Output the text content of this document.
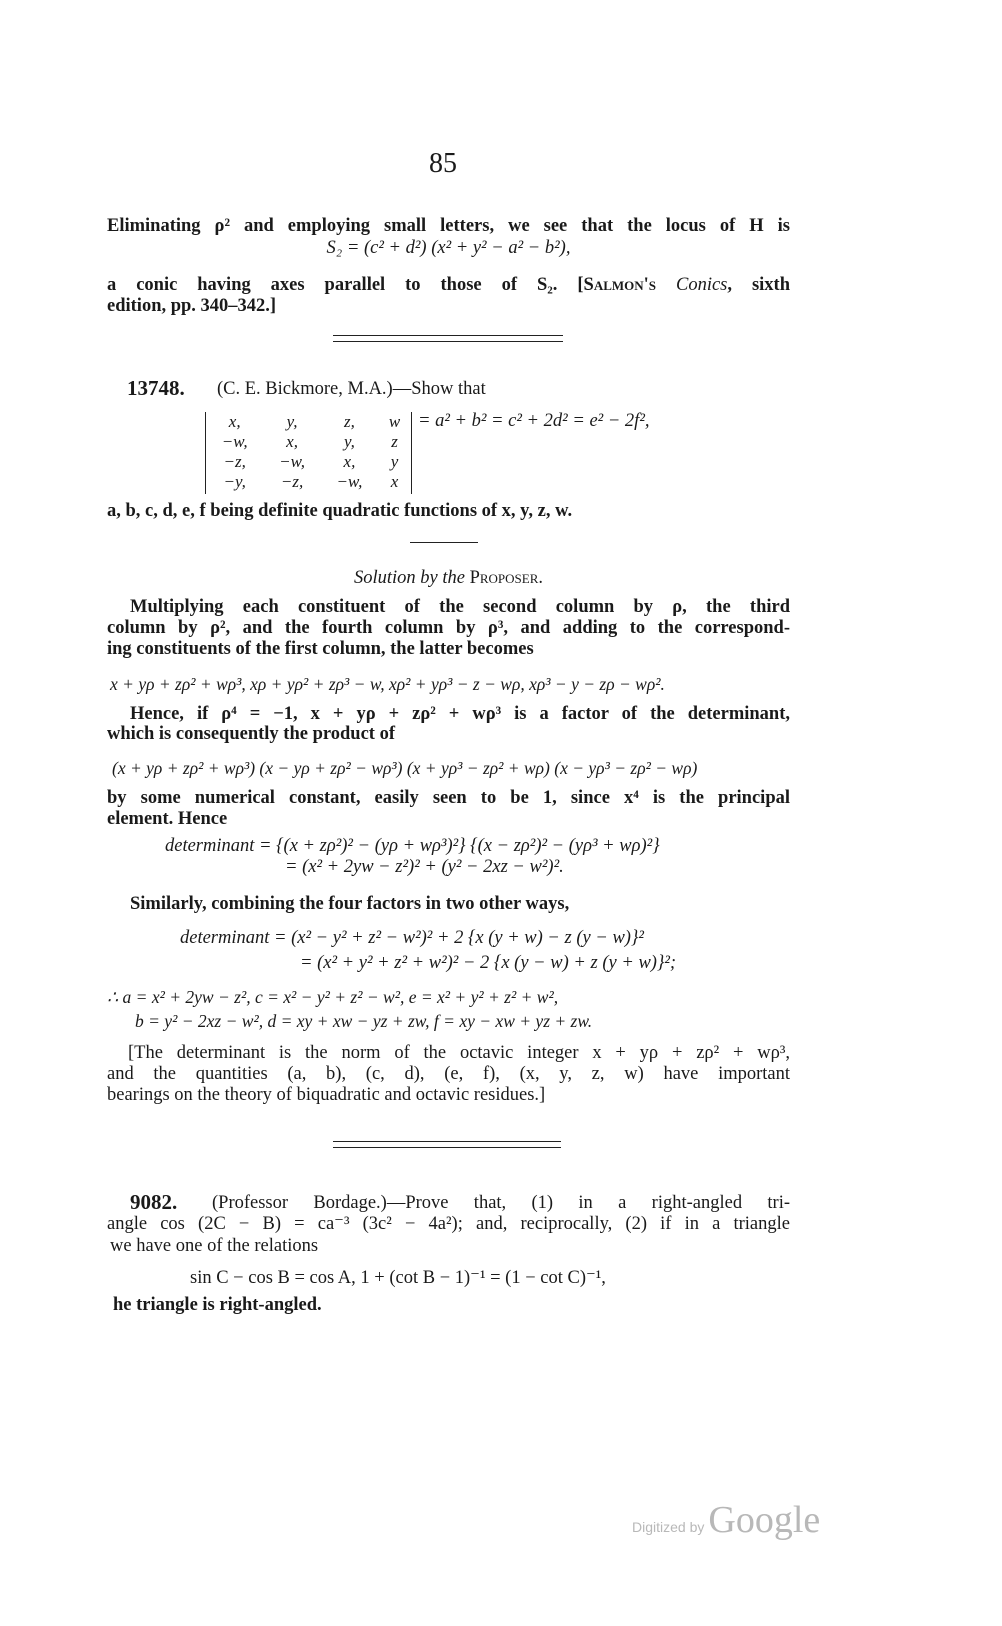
85
Eliminating ρ² and employing small letters, we see that the locus of H is
S₂ = (c² + d²) (x² + y² − a² − b²),
a conic having axes parallel to those of S₂. [Salmon's Conics, sixth
edition, pp. 340–342.]
13748. (C. E. Bickmore, M.A.)—Show that
x,	y,	z,	w
−w,	x,	y,	z
−z,	−w,	x,	y
−y,	−z,	−w,	x
= a² + b² = c² + 2d² = e² − 2f²,
a, b, c, d, e, f being definite quadratic functions of x, y, z, w.
Solution by the Proposer.
Multiplying each constituent of the second column by ρ, the third
column by ρ², and the fourth column by ρ³, and adding to the correspond-
ing constituents of the first column, the latter becomes
x + yρ + zρ² + wρ³, xρ + yρ² + zρ³ − w, xρ² + yρ³ − z − wρ, xρ³ − y − zρ − wρ².
Hence, if ρ⁴ = −1, x + yρ + zρ² + wρ³ is a factor of the determinant,
which is consequently the product of
(x + yρ + zρ² + wρ³) (x − yρ + zρ² − wρ³) (x + yρ³ − zρ² + wρ) (x − yρ³ − zρ² − wρ)
by some numerical constant, easily seen to be 1, since x⁴ is the principal
element. Hence
determinant = {(x + zρ²)² − (yρ + wρ³)²} {(x − zρ²)² − (yρ³ + wρ)²}
= (x² + 2yw − z²)² + (y² − 2xz − w²)².
Similarly, combining the four factors in two other ways,
determinant = (x² − y² + z² − w²)² + 2 {x (y + w) − z (y − w)}²
= (x² + y² + z² + w²)² − 2 {x (y − w) + z (y + w)}²;
∴ a = x² + 2yw − z², c = x² − y² + z² − w², e = x² + y² + z² + w²,
b = y² − 2xz − w², d = xy + xw − yz + zw, f = xy − xw + yz + zw.
[The determinant is the norm of the octavic integer x + yρ + zρ² + wρ³,
and the quantities (a, b), (c, d), (e, f), (x, y, z, w) have important
bearings on the theory of biquadratic and octavic residues.]
9082. (Professor Bordage.)—Prove that, (1) in a right-angled tri-
angle cos (2C − B) = ca⁻³ (3c² − 4a²); and, reciprocally, (2) if in a triangle
we have one of the relations
sin C − cos B = cos A, 1 + (cot B − 1)⁻¹ = (1 − cot C)⁻¹,
he triangle is right-angled.
Digitized by Google
